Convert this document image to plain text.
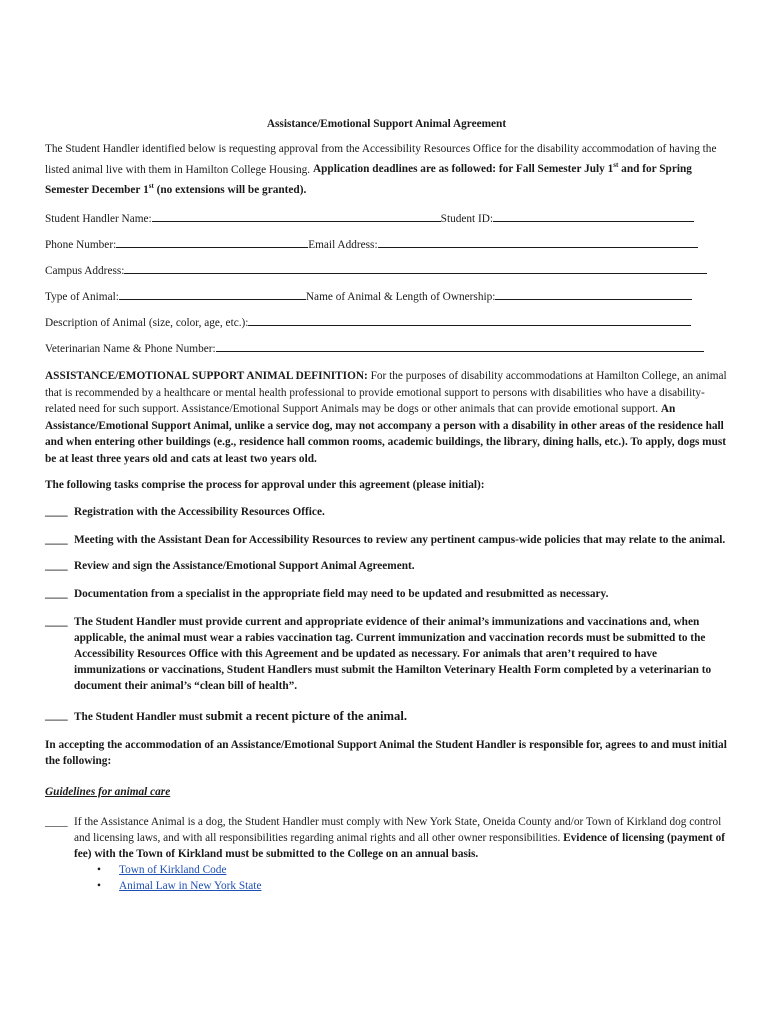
Assistance/Emotional Support Animal Agreement

The Student Handler identified below is requesting approval from the Accessibility Resources Office for the disability accommodation of having the listed animal live with them in Hamilton College Housing. Application deadlines are as followed: for Fall Semester July 1st and for Spring Semester December 1st (no extensions will be granted).

Student Handler Name:	Student ID:
Phone Number:	Email Address:
Campus Address:
Type of Animal:	Name of Animal & Length of Ownership:
Description of Animal (size, color, age, etc.):
Veterinarian Name & Phone Number:

ASSISTANCE/EMOTIONAL SUPPORT ANIMAL DEFINITION: For the purposes of disability accommodations at Hamilton College, an animal that is recommended by a healthcare or mental health professional to provide emotional support to persons with disabilities who have a disability-related need for such support. Assistance/Emotional Support Animals may be dogs or other animals that can provide emotional support. An Assistance/Emotional Support Animal, unlike a service dog, may not accompany a person with a disability in other areas of the residence hall and when entering other buildings (e.g., residence hall common rooms, academic buildings, the library, dining halls, etc.). To apply, dogs must be at least three years old and cats at least two years old.

The following tasks comprise the process for approval under this agreement (please initial):

____ Registration with the Accessibility Resources Office.
____ Meeting with the Assistant Dean for Accessibility Resources to review any pertinent campus-wide policies that may relate to the animal.
____ Review and sign the Assistance/Emotional Support Animal Agreement.
____ Documentation from a specialist in the appropriate field may need to be updated and resubmitted as necessary.
____ The Student Handler must provide current and appropriate evidence of their animal’s immunizations and vaccinations and, when applicable, the animal must wear a rabies vaccination tag. Current immunization and vaccination records must be submitted to the Accessibility Resources Office with this Agreement and be updated as necessary. For animals that aren’t required to have immunizations or vaccinations, Student Handlers must submit the Hamilton Veterinary Health Form completed by a veterinarian to document their animal’s “clean bill of health”.
____ The Student Handler must submit a recent picture of the animal.

In accepting the accommodation of an Assistance/Emotional Support Animal the Student Handler is responsible for, agrees to and must initial the following:

Guidelines for animal care

____ If the Assistance Animal is a dog, the Student Handler must comply with New York State, Oneida County and/or Town of Kirkland dog control and licensing laws, and with all responsibilities regarding animal rights and all other owner responsibilities. Evidence of licensing (payment of fee) with the Town of Kirkland must be submitted to the College on an annual basis.
• Town of Kirkland Code
• Animal Law in New York State
